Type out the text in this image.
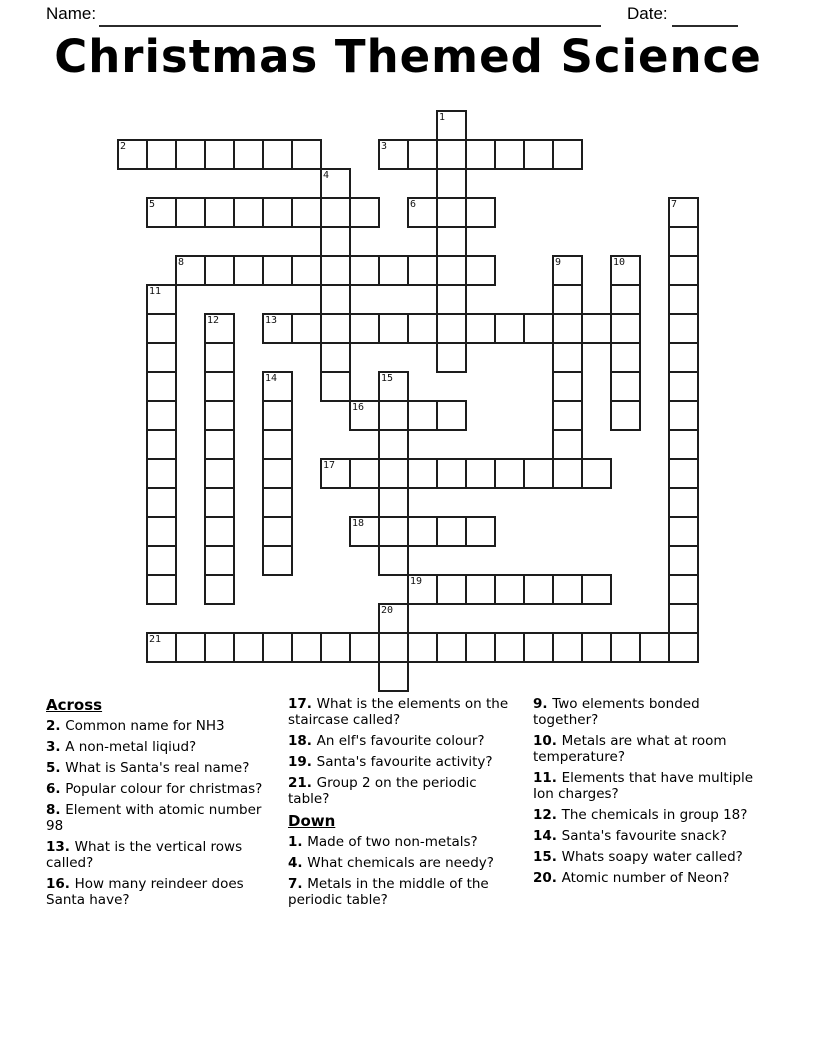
Name:	Date:
Christmas Themed Science
1
2	3
4
5	6	7
8	9	10
11
12	13
14	15
16
17
18
19
20
21
Across
2. Common name for NH3
3. A non-metal liqiud?
5. What is Santa's real name?
6. Popular colour for christmas?
8. Element with atomic number 98
13. What is the vertical rows called?
16. How many reindeer does Santa have?
17. What is the elements on the staircase called?
18. An elf's favourite colour?
19. Santa's favourite activity?
21. Group 2 on the periodic table?
Down
1. Made of two non-metals?
4. What chemicals are needy?
7. Metals in the middle of the periodic table?
9. Two elements bonded together?
10. Metals are what at room temperature?
11. Elements that have multiple Ion charges?
12. The chemicals in group 18?
14. Santa's favourite snack?
15. Whats soapy water called?
20. Atomic number of Neon?
